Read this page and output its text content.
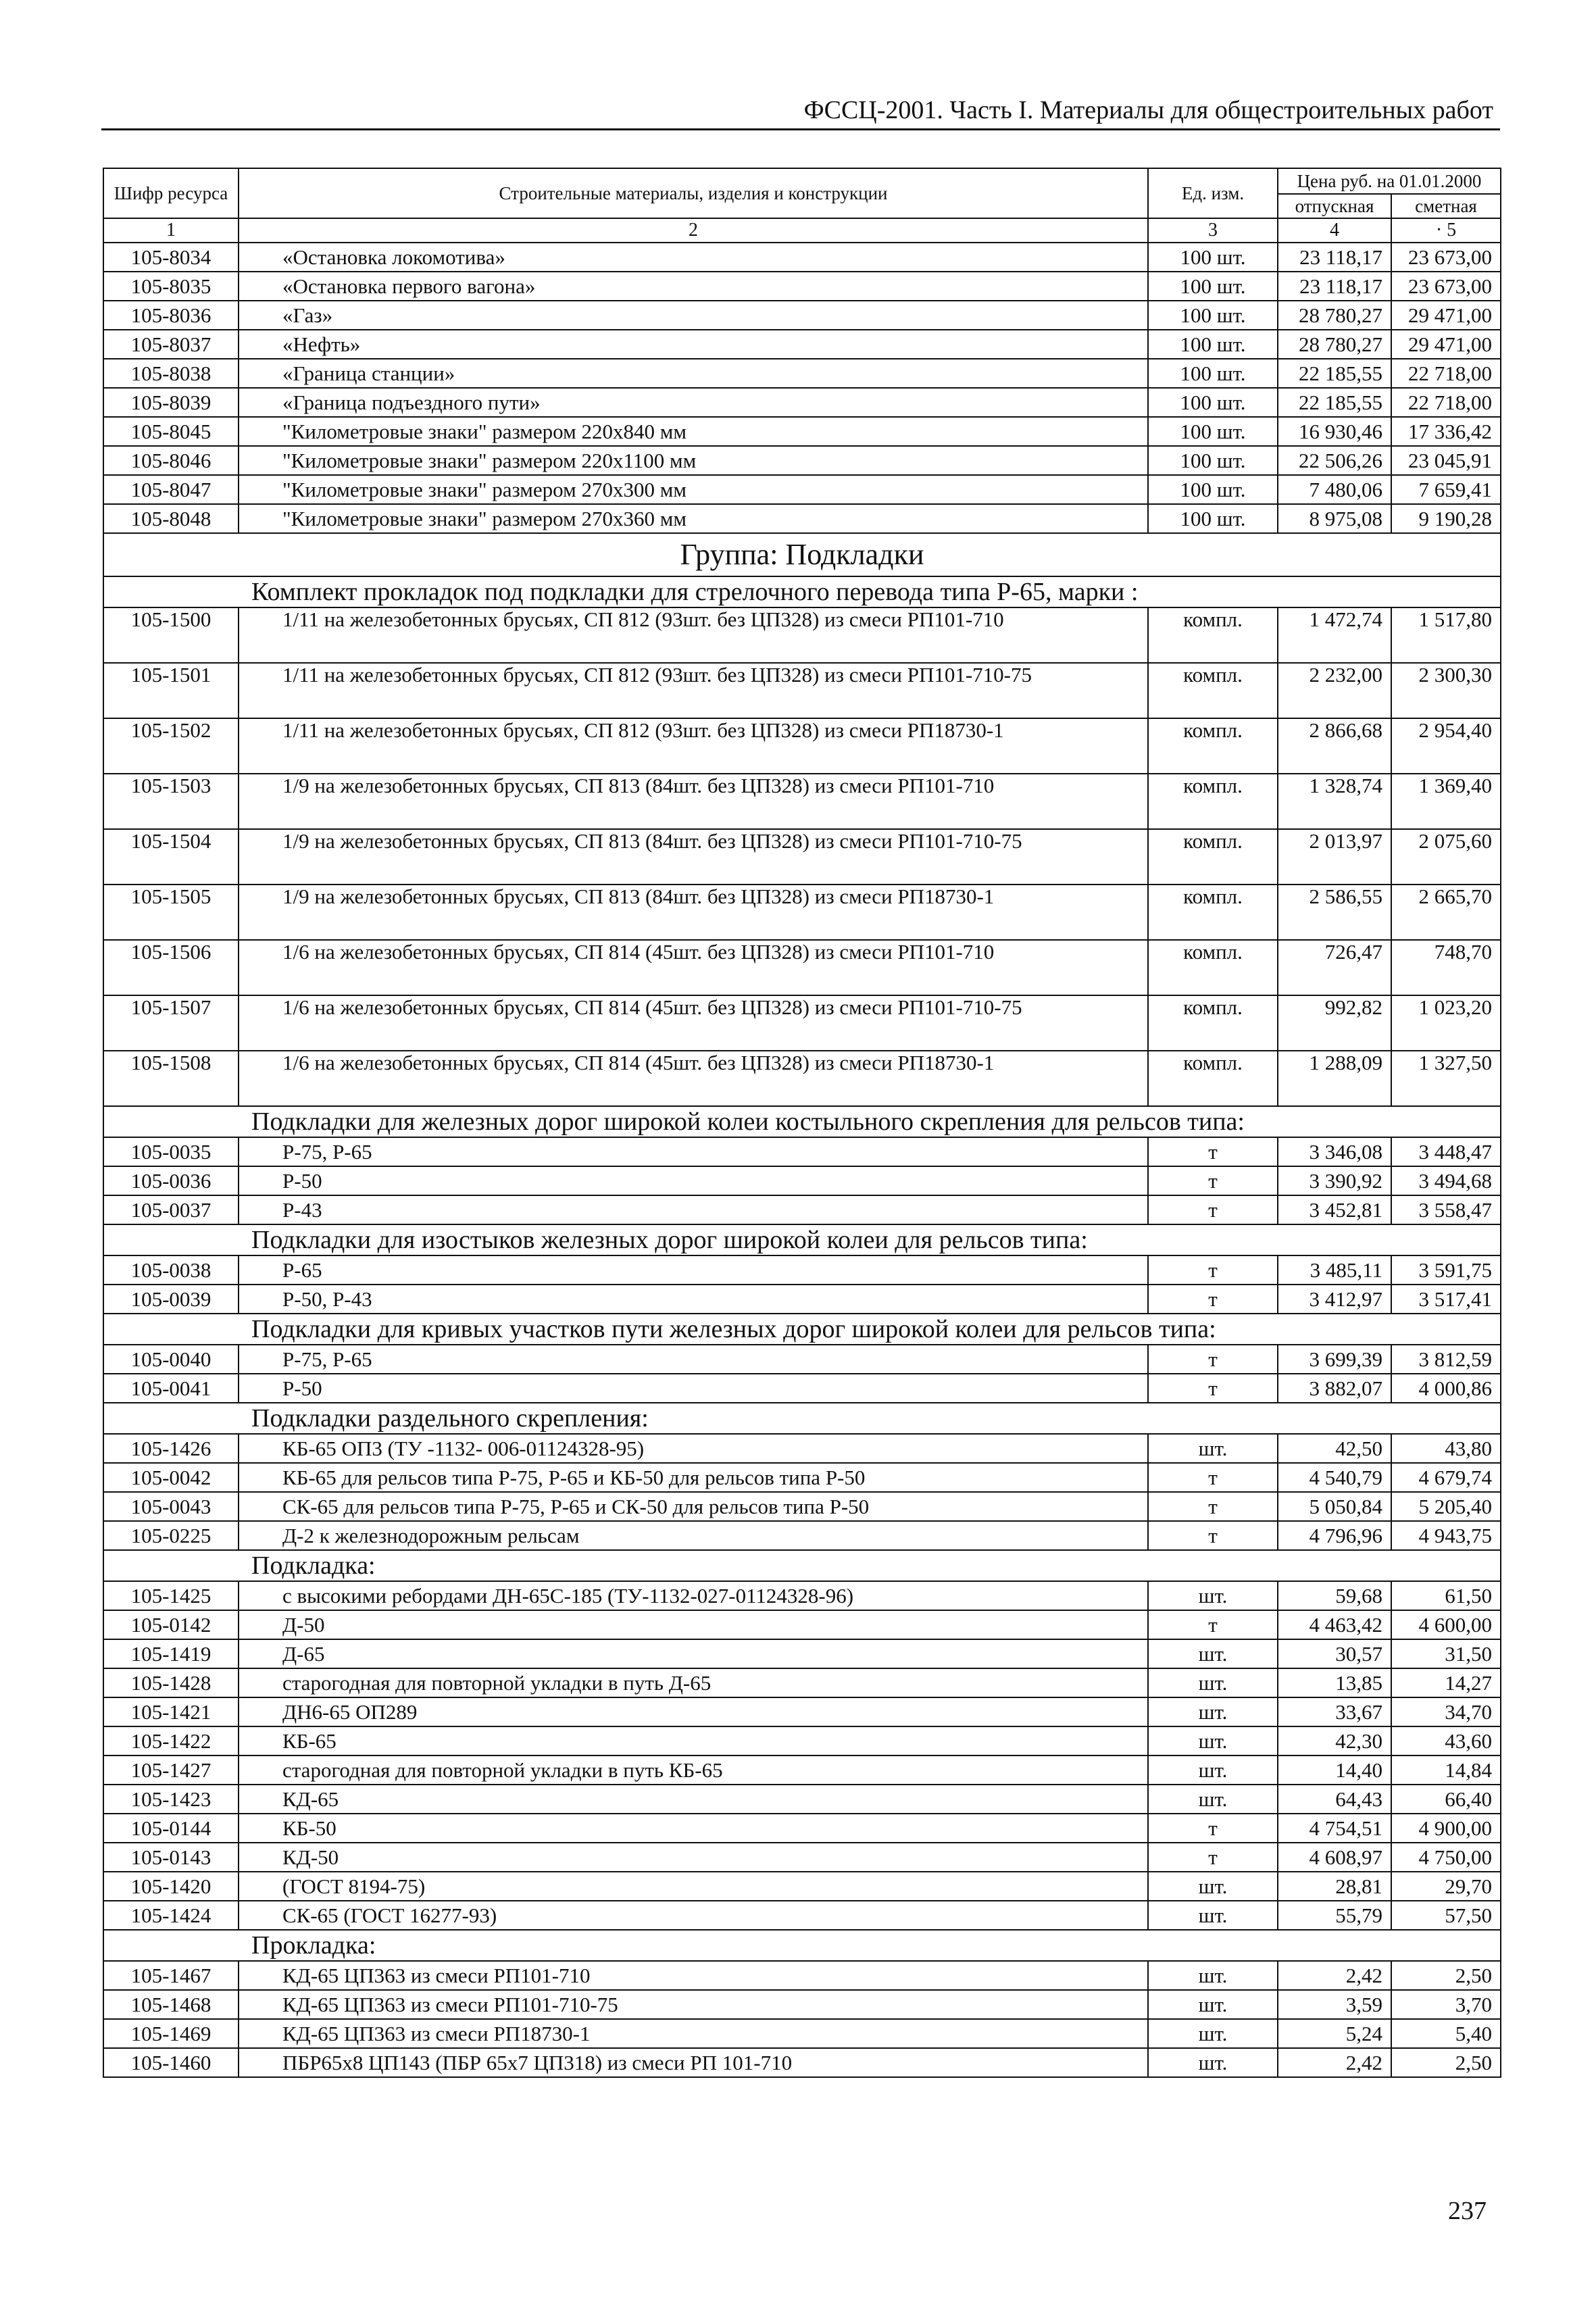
ФССЦ-2001. Часть I. Материалы для общестроительных работ
Шифр ресурса	Строительные материалы, изделия и конструкции	Ед. изм.	Цена руб. на 01.01.2000	
			отпускная	сметная
1	2	3	4	· 5
105-8034	«Остановка локомотива»	100 шт.	23 118,17	23 673,00
105-8035	«Остановка первого вагона»	100 шт.	23 118,17	23 673,00
105-8036	«Газ»	100 шт.	28 780,27	29 471,00
105-8037	«Нефть»	100 шт.	28 780,27	29 471,00
105-8038	«Граница станции»	100 шт.	22 185,55	22 718,00
105-8039	«Граница подъездного пути»	100 шт.	22 185,55	22 718,00
105-8045	"Километровые знаки" размером 220х840 мм	100 шт.	16 930,46	17 336,42
105-8046	"Километровые знаки" размером 220х1100 мм	100 шт.	22 506,26	23 045,91
105-8047	"Километровые знаки" размером 270х300 мм	100 шт.	7 480,06	7 659,41
105-8048	"Километровые знаки" размером 270х360 мм	100 шт.	8 975,08	9 190,28
Группа: Подкладки				
Комплект прокладок под подкладки для стрелочного перевода типа Р-65, марки :				
105-1500	1/11 на железобетонных брусьях, СП 812 (93шт. без ЦП328) из смеси РП101-710	компл.	1 472,74	1 517,80
105-1501	1/11 на железобетонных брусьях, СП 812 (93шт. без ЦП328) из смеси РП101-710-75	компл.	2 232,00	2 300,30
105-1502	1/11 на железобетонных брусьях, СП 812 (93шт. без ЦП328) из смеси РП18730-1	компл.	2 866,68	2 954,40
105-1503	1/9 на железобетонных брусьях, СП 813 (84шт. без ЦП328) из смеси РП101-710	компл.	1 328,74	1 369,40
105-1504	1/9 на железобетонных брусьях, СП 813 (84шт. без ЦП328) из смеси РП101-710-75	компл.	2 013,97	2 075,60
105-1505	1/9 на железобетонных брусьях, СП 813 (84шт. без ЦП328) из смеси РП18730-1	компл.	2 586,55	2 665,70
105-1506	1/6 на железобетонных брусьях, СП 814 (45шт. без ЦП328) из смеси РП101-710	компл.	726,47	748,70
105-1507	1/6 на железобетонных брусьях, СП 814 (45шт. без ЦП328) из смеси РП101-710-75	компл.	992,82	1 023,20
105-1508	1/6 на железобетонных брусьях, СП 814 (45шт. без ЦП328) из смеси РП18730-1	компл.	1 288,09	1 327,50
Подкладки для железных дорог широкой колеи костыльного скрепления для рельсов типа:				
105-0035	Р-75, Р-65	т	3 346,08	3 448,47
105-0036	Р-50	т	3 390,92	3 494,68
105-0037	Р-43	т	3 452,81	3 558,47
Подкладки для изостыков железных дорог широкой колеи для рельсов типа:				
105-0038	Р-65	т	3 485,11	3 591,75
105-0039	Р-50, Р-43	т	3 412,97	3 517,41
Подкладки для кривых участков пути железных дорог широкой колеи для рельсов типа:				
105-0040	Р-75, Р-65	т	3 699,39	3 812,59
105-0041	Р-50	т	3 882,07	4 000,86
Подкладки раздельного скрепления:				
105-1426	КБ-65 ОП3 (ТУ -1132- 006-01124328-95)	шт.	42,50	43,80
105-0042	КБ-65 для рельсов типа Р-75, Р-65 и КБ-50 для рельсов типа Р-50	т	4 540,79	4 679,74
105-0043	СК-65 для рельсов типа Р-75, Р-65 и СК-50 для рельсов типа Р-50	т	5 050,84	5 205,40
105-0225	Д-2 к железнодорожным рельсам	т	4 796,96	4 943,75
Подкладка:				
105-1425	с высокими ребордами ДН-65С-185 (ТУ-1132-027-01124328-96)	шт.	59,68	61,50
105-0142	Д-50	т	4 463,42	4 600,00
105-1419	Д-65	шт.	30,57	31,50
105-1428	старогодная для повторной укладки в путь Д-65	шт.	13,85	14,27
105-1421	ДН6-65 ОП289	шт.	33,67	34,70
105-1422	КБ-65	шт.	42,30	43,60
105-1427	старогодная для повторной укладки в путь КБ-65	шт.	14,40	14,84
105-1423	КД-65	шт.	64,43	66,40
105-0144	КБ-50	т	4 754,51	4 900,00
105-0143	КД-50	т	4 608,97	4 750,00
105-1420	(ГОСТ 8194-75)	шт.	28,81	29,70
105-1424	СК-65 (ГОСТ 16277-93)	шт.	55,79	57,50
Прокладка:				
105-1467	КД-65 ЦП363 из смеси РП101-710	шт.	2,42	2,50
105-1468	КД-65 ЦП363 из смеси РП101-710-75	шт.	3,59	3,70
105-1469	КД-65 ЦП363 из смеси РП18730-1	шт.	5,24	5,40
105-1460	ПБР65х8 ЦП143 (ПБР 65х7 ЦП318) из смеси РП 101-710	шт.	2,42	2,50
237
